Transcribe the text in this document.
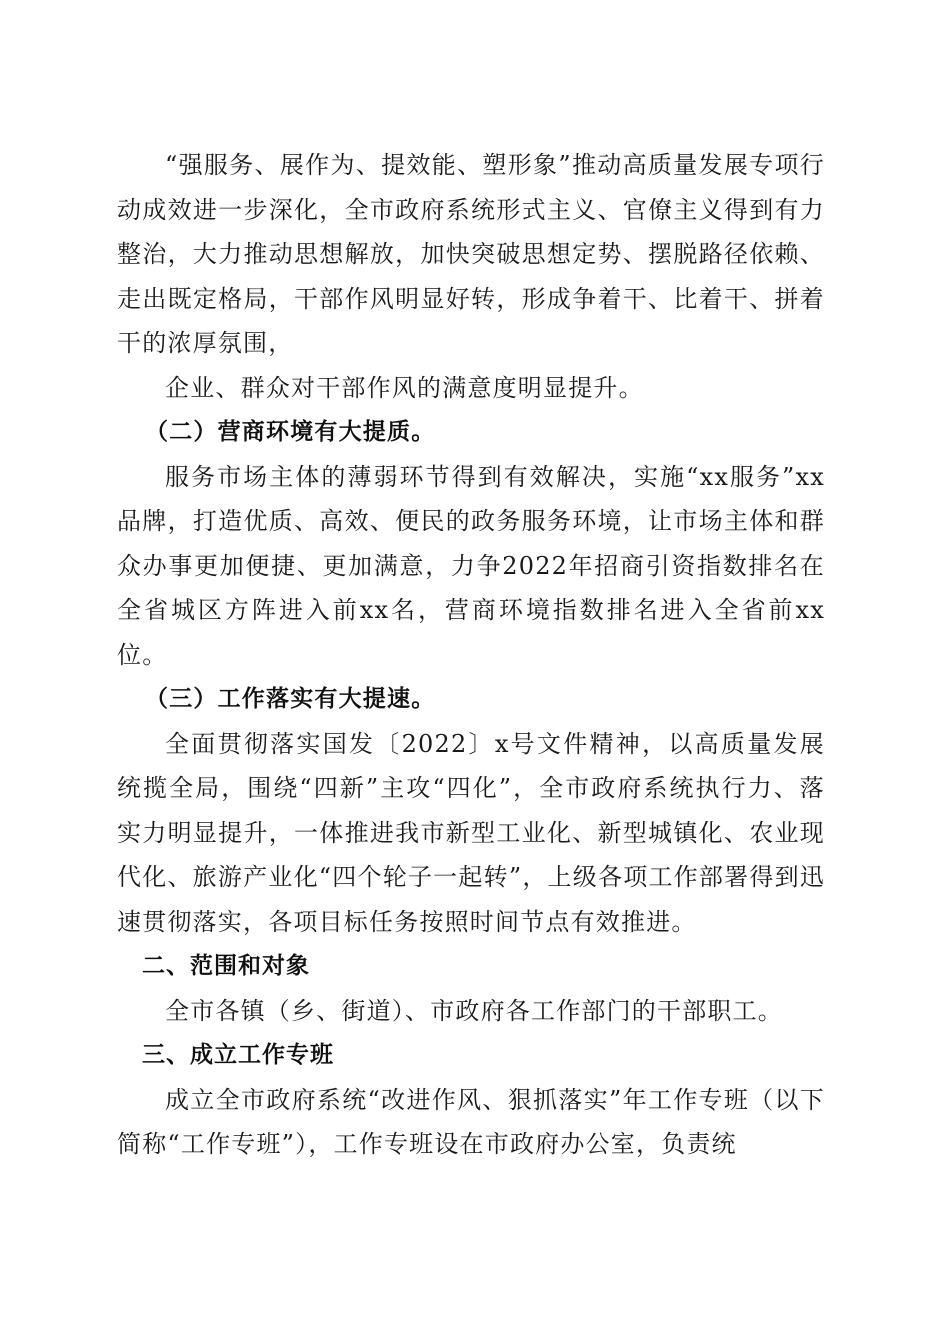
“强服务、展作为、提效能、塑形象”推动高质量发展专项行动成效进一步深化，全市政府系统形式主义、官僚主义得到有力整治，大力推动思想解放，加快突破思想定势、摆脱路径依赖、走出既定格局，干部作风明显好转，形成争着干、比着干、拼着干的浓厚氛围，

企业、群众对干部作风的满意度明显提升。

（二）营商环境有大提质。

服务市场主体的薄弱环节得到有效解决，实施“xx服务”xx品牌，打造优质、高效、便民的政务服务环境，让市场主体和群众办事更加便捷、更加满意，力争2022年招商引资指数排名在全省城区方阵进入前xx名，营商环境指数排名进入全省前xx位。

（三）工作落实有大提速。

全面贯彻落实国发〔2022〕x号文件精神，以高质量发展统揽全局，围绕“四新”主攻“四化”，全市政府系统执行力、落实力明显提升，一体推进我市新型工业化、新型城镇化、农业现代化、旅游产业化“四个轮子一起转”，上级各项工作部署得到迅速贯彻落实，各项目标任务按照时间节点有效推进。

二、范围和对象

全市各镇（乡、街道）、市政府各工作部门的干部职工。

三、成立工作专班

成立全市政府系统“改进作风、狠抓落实”年工作专班（以下简称“工作专班”），工作专班设在市政府办公室，负责统
